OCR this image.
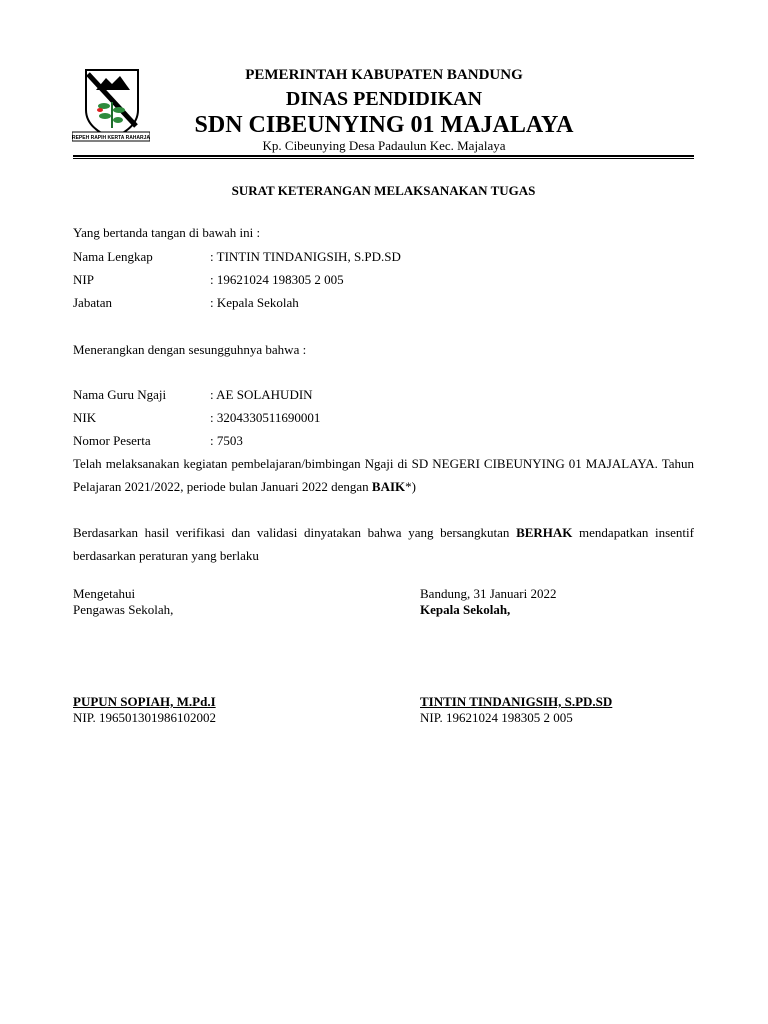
REPEH RAPIH KERTA RAHARJA
PEMERINTAH KABUPATEN BANDUNG
DINAS PENDIDIKAN
SDN CIBEUNYING 01 MAJALAYA
Kp. Cibeunying Desa Padaulun Kec. Majalaya
SURAT KETERANGAN MELAKSANAKAN TUGAS
Yang bertanda tangan di bawah ini :
Nama Lengkap	: TINTIN TINDANIGSIH, S.PD.SD
NIP	: 19621024 198305 2 005
Jabatan	: Kepala Sekolah
Menerangkan dengan sesungguhnya bahwa :
Nama Guru Ngaji	: AE SOLAHUDIN
NIK	: 3204330511690001
Nomor Peserta	: 7503
Telah melaksanakan kegiatan pembelajaran/bimbingan Ngaji di SD NEGERI CIBEUNYING 01 MAJALAYA. Tahun Pelajaran 2021/2022, periode bulan Januari 2022 dengan BAIK*)
Berdasarkan hasil verifikasi dan validasi dinyatakan bahwa yang bersangkutan BERHAK mendapatkan insentif berdasarkan peraturan yang berlaku
Mengetahui
Pengawas Sekolah,
Bandung, 31 Januari 2022
Kepala Sekolah,
PUPUN SOPIAH, M.Pd.I
NIP. 196501301986102002
TINTIN TINDANIGSIH, S.PD.SD
NIP. 19621024 198305 2 005
